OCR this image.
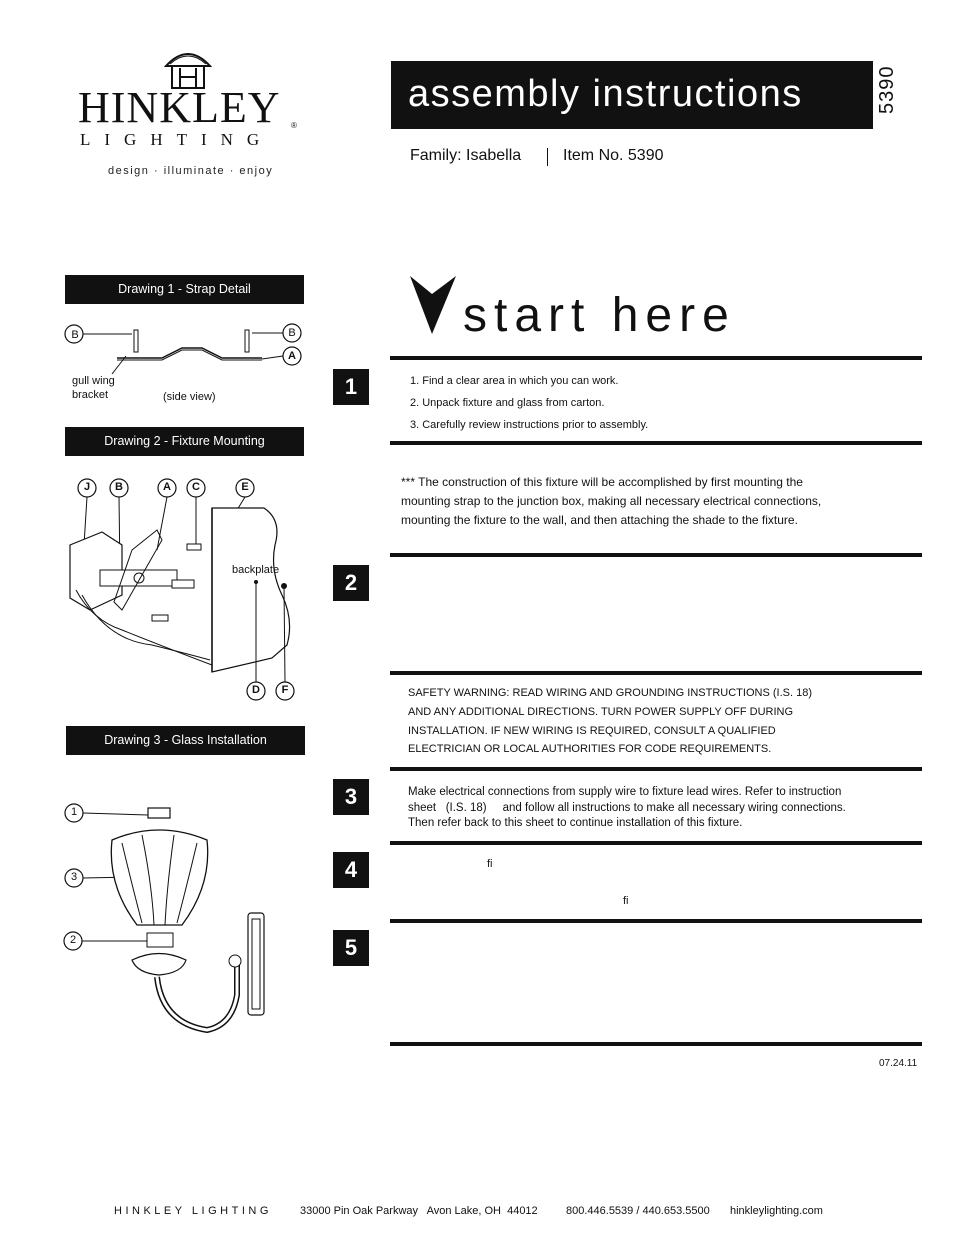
HINKLEY ®
LIGHTING
design · illuminate · enjoy
assembly instructions	5390
Family: Isabella	Item No. 5390
Drawing 1 - Strap Detail
B	B
A
gull wing
bracket	(side view)
Drawing 2 - Fixture Mounting
J B	A C	E
D F
backplate
Drawing 3 - Glass Installation
1
3
2
start here
1	1. Find a clear area in which you can work.
2. Unpack fixture and glass from carton.
3. Carefully review instructions prior to assembly.
*** The construction of this fixture will be accomplished by first mounting the
mounting strap to the junction box, making all necessary electrical connections,
mounting the fixture to the wall, and then attaching the shade to the fixture.
2
SAFETY WARNING: READ WIRING AND GROUNDING INSTRUCTIONS (I.S. 18)
AND ANY ADDITIONAL DIRECTIONS. TURN POWER SUPPLY OFF DURING
INSTALLATION. IF NEW WIRING IS REQUIRED, CONSULT A QUALIFIED
ELECTRICIAN OR LOCAL AUTHORITIES FOR CODE REQUIREMENTS.
3	Make electrical connections from supply wire to fixture lead wires. Refer to instruction
sheet   (I.S. 18)     and follow all instructions to make all necessary wiring connections.
Then refer back to this sheet to continue installation of this fixture.
4	fi
fi
5
07.24.11
HINKLEY LIGHTING	33000 Pin Oak Parkway   Avon Lake, OH  44012	800.446.5539 / 440.653.5500 hinkleylighting.com
